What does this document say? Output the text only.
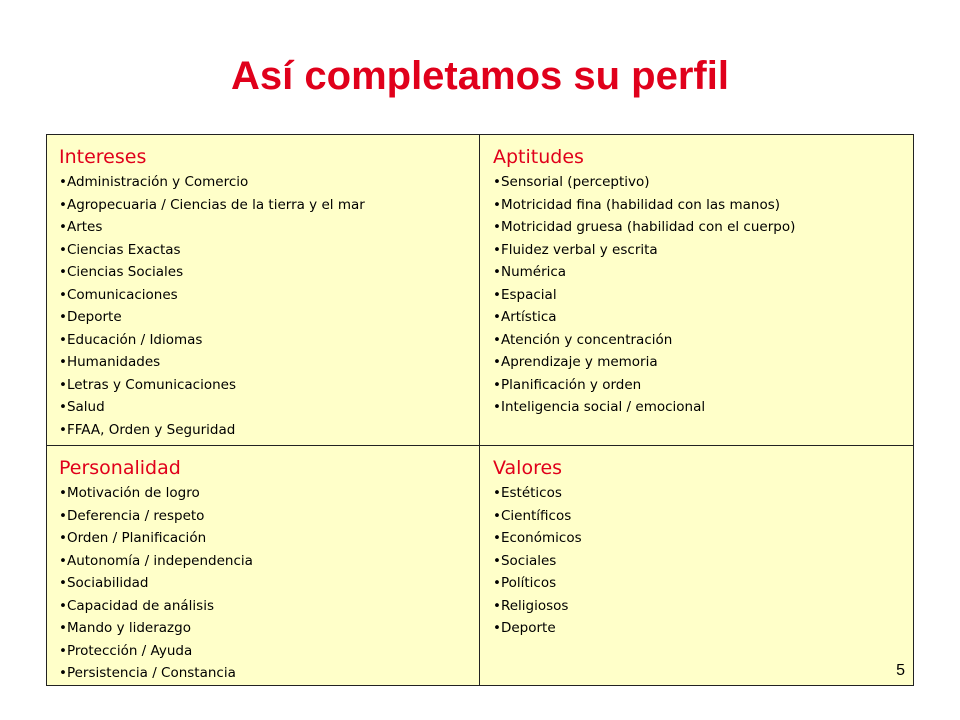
Así completamos su perfil

Intereses

• Administración y Comercio
• Agropecuaria / Ciencias de la tierra y el mar
• Artes
• Ciencias Exactas
• Ciencias Sociales
• Comunicaciones
• Deporte
• Educación / Idiomas
• Humanidades
• Letras y Comunicaciones
• Salud
• FFAA, Orden y Seguridad

Aptitudes

• Sensorial (perceptivo)
• Motricidad fina (habilidad con las manos)
• Motricidad gruesa (habilidad con el cuerpo)
• Fluidez verbal y escrita
• Numérica
• Espacial
• Artística
• Atención y concentración
• Aprendizaje y memoria
• Planificación y orden
• Inteligencia social / emocional

Personalidad

• Motivación de logro
• Deferencia / respeto
• Orden / Planificación
• Autonomía / independencia
• Sociabilidad
• Capacidad de análisis
• Mando y liderazgo
• Protección / Ayuda
• Persistencia / Constancia

Valores

• Estéticos
• Científicos
• Económicos
• Sociales
• Políticos
• Religiosos
• Deporte
5
